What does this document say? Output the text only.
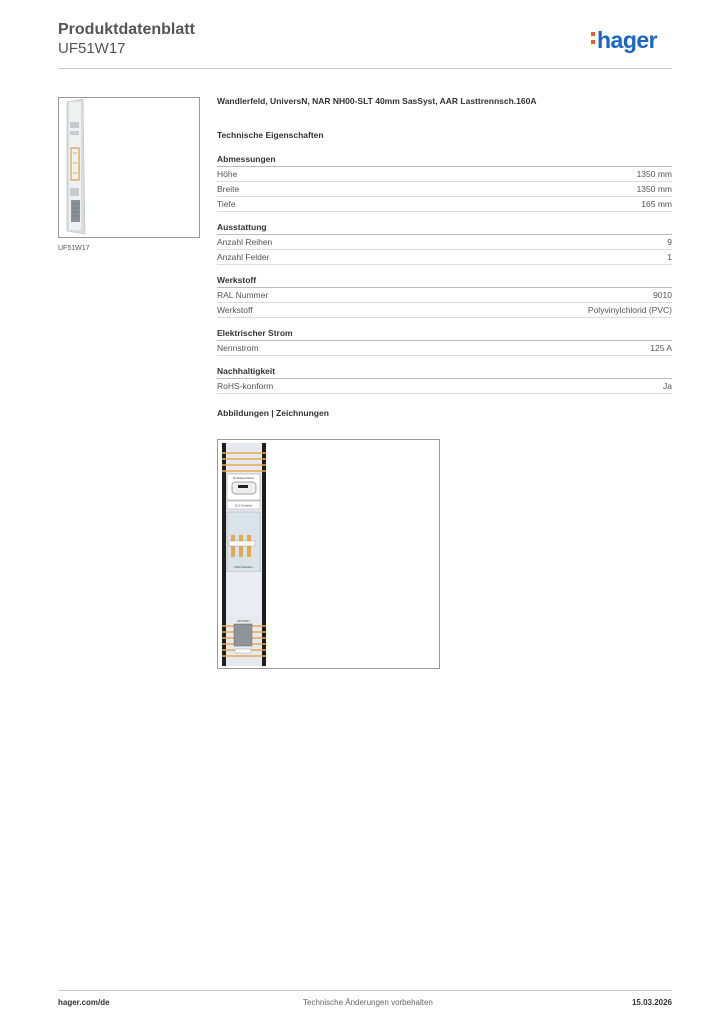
Produktdatenblatt
UF51W17	hager
UF51W17
Wandlerfeld, UniversN, NAR NH00-SLT 40mm SasSyst, AAR Lasttrennsch.160A
Technische Eigenschaften
Abmessungen
Höhe	1350 mm
Breite	1350 mm
Tiefe	165 mm
Ausstattung
Anzahl Reihen	9
Anzahl Felder	1
Werkstoff
RAL Nummer	9010
Werkstoff	Polyvinylchlorid (PVC)
Elektrischer Strom
Nennstrom	125 A
Nachhaltigkeit
RoHS-konform	Ja
Abbildungen | Zeichnungen
Direktanschluss
SLS-Schalter
NAR-Wandler
UF51W17
hager.com/de	Technische Änderungen vorbehalten	15.03.2026
